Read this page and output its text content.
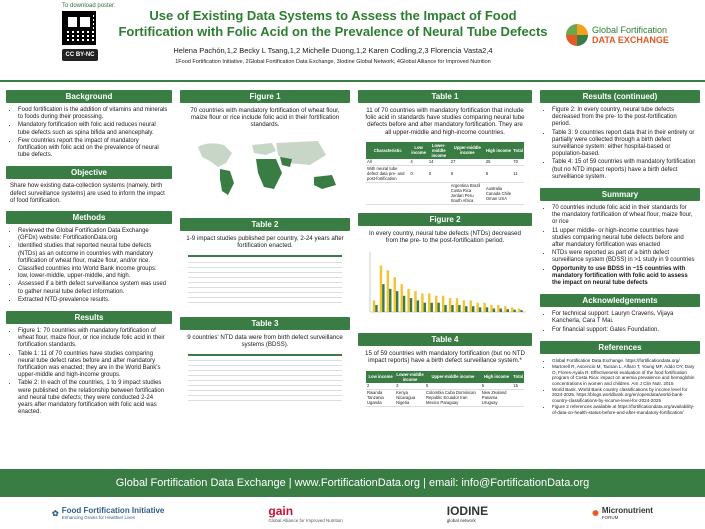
To download poster:
CC BY-NC
Use of Existing Data Systems to Assess the Impact of Food Fortification with Folic Acid on the Prevalence of Neural Tube Defects
Helena Pachón,1,2 Becky L Tsang,1,2 Michelle Duong,1,2 Karen Codling,2,3 Florencia Vasta2,4
1Food Fortification Initiative, 2Global Fortification Data Exchange, 3Iodine Global Network, 4Global Alliance for Improved Nutrition
Global Fortification
DATA EXCHANGE
Background
• Food fortification is the addition of vitamins and minerals to foods during their processing.
• Mandatory fortification with folic acid reduces neural tube defects such as spina bifida and anencephaly.
• Few countries report the impact of mandatory fortification with folic acid on the prevalence of neural tube defects.
Objective
Share how existing data-collection systems (namely, birth defect surveillance systems) are used to inform the impact of food fortification.
Methods
• Reviewed the Global Fortification Data Exchange (GFDx) website: FortificationData.org
• Identified studies that reported neural tube defects (NTDs) as an outcome in countries with mandatory fortification of wheat flour, maize flour, and/or rice.
• Classified countries into World Bank income groups: low, lower-middle, upper-middle, and high.
• Assessed if a birth defect surveillance system was used to gather neural tube defect information.
• Extracted NTD-prevalence results.
Results
• Figure 1: 70 countries with mandatory fortification of wheat flour, maize flour, or rice include folic acid in their fortification standards.
• Table 1: 11 of 70 countries have studies comparing neural tube defect rates before and after mandatory fortification was enacted; they are in the World Bank's upper-middle and high-income groups.
• Table 2: In each of the countries, 1 to 9 impact studies were published on the relationship between fortification and neural tube defects; they were conducted 2-24 years after mandatory fortification with folic acid was enacted.
Figure 1
70 countries with mandatory fortification of wheat flour, maize flour or rice include folic acid in their fortification standards.
Table 2
1-9 impact studies published per country, 2-24 years after fortification enacted.

Table 3
9 countries' NTD data were from birth defect surveillance systems (BDSS).

Table 1
11 of 70 countries with mandatory fortification that include folic acid in standards have studies comparing neural tube defects before and after mandatory fortification. They are all upper-middle and high-income countries.
Characteristic	Low income	Lower-middle income	Upper-middle income	High income	Total
All	4	14	27	25	70
With neural tube defect data pre- and post-fortification	0	0	6	5	11
			Argentina Brazil Costa Rica Jordan Peru South Africa	Australia Canada Chile Oman USA	
Figure 2
In every country, neural tube defects (NTDs) decreased from the pre- to the post-fortification period.
Table 4
15 of 59 countries with mandatory fortification (but no NTD impact reports) have a birth defect surveillance system.*
Low income	Lower-middle income	Upper-middle income	High income	Total
2	3	5	5	15
Rwanda Tanzania Uganda	Kenya Nicaragua Nigeria	Colombia Cuba Dominican Republic Ecuador Iran Mexico Paraguay	New Zealand Panama Uruguay	
Results (continued)
• Figure 2: In every country, neural tube defects decreased from the pre- to the post-fortification period.
• Table 3: 9 countries report data that in their entirety or partially were collected through a birth defect surveillance system: either hospital-based or population-based.
• Table 4: 15 of 59 countries with mandatory fortification (but no NTD impact reports) have a birth defect surveillance system.
Summary
• 70 countries include folic acid in their standards for the mandatory fortification of wheat flour, maize flour, or rice
• 11 upper middle- or high-income countries have studies comparing neural tube defects before and after mandatory fortification was enacted
• NTDs were reported as part of a birth defect surveillance system (BDSS) in >1 study in 9 countries
• Opportunity to use BDSS in ~15 countries with mandatory fortification with folic acid to assess the impact on neural tube defects
Acknowledgements
• For technical support: Lauryn Cravens, Vijaya Kancherla, Cara T Mai.
• For financial support: Gates Foundation.
References
• Global Fortification Data Exchange. https://fortificationdata.org/
• Martorell R, Ascencio M, Tacsan L, Alfaro T, Young MF, Addo OY, Dary O, Flores-Ayala R. Effectiveness evaluation of the food fortification program of Costa Rica: impact on anemia prevalence and hemoglobin concentrations in women and children. Am J Clin Nutr. 2015
• World Bank. World Bank country classifications by income level for 2024-2025. https://blogs.worldbank.org/en/opendata/world-bank-country-classifications-by-income-level-for-2024-2025
• Figure 2 references available at https://fortificationdata.org/availability-of-data-on-health-status-before-and-after-mandatory-fortification/
Global Fortification Data Exchange | www.FortificationData.org | email: info@FortificationData.org
✿ Food Fortification Initiative
Enhancing Grains for Healthier Lives	gain
Global Alliance for Improved Nutrition
IODINE
global network
✺ Micronutrient
FORUM
